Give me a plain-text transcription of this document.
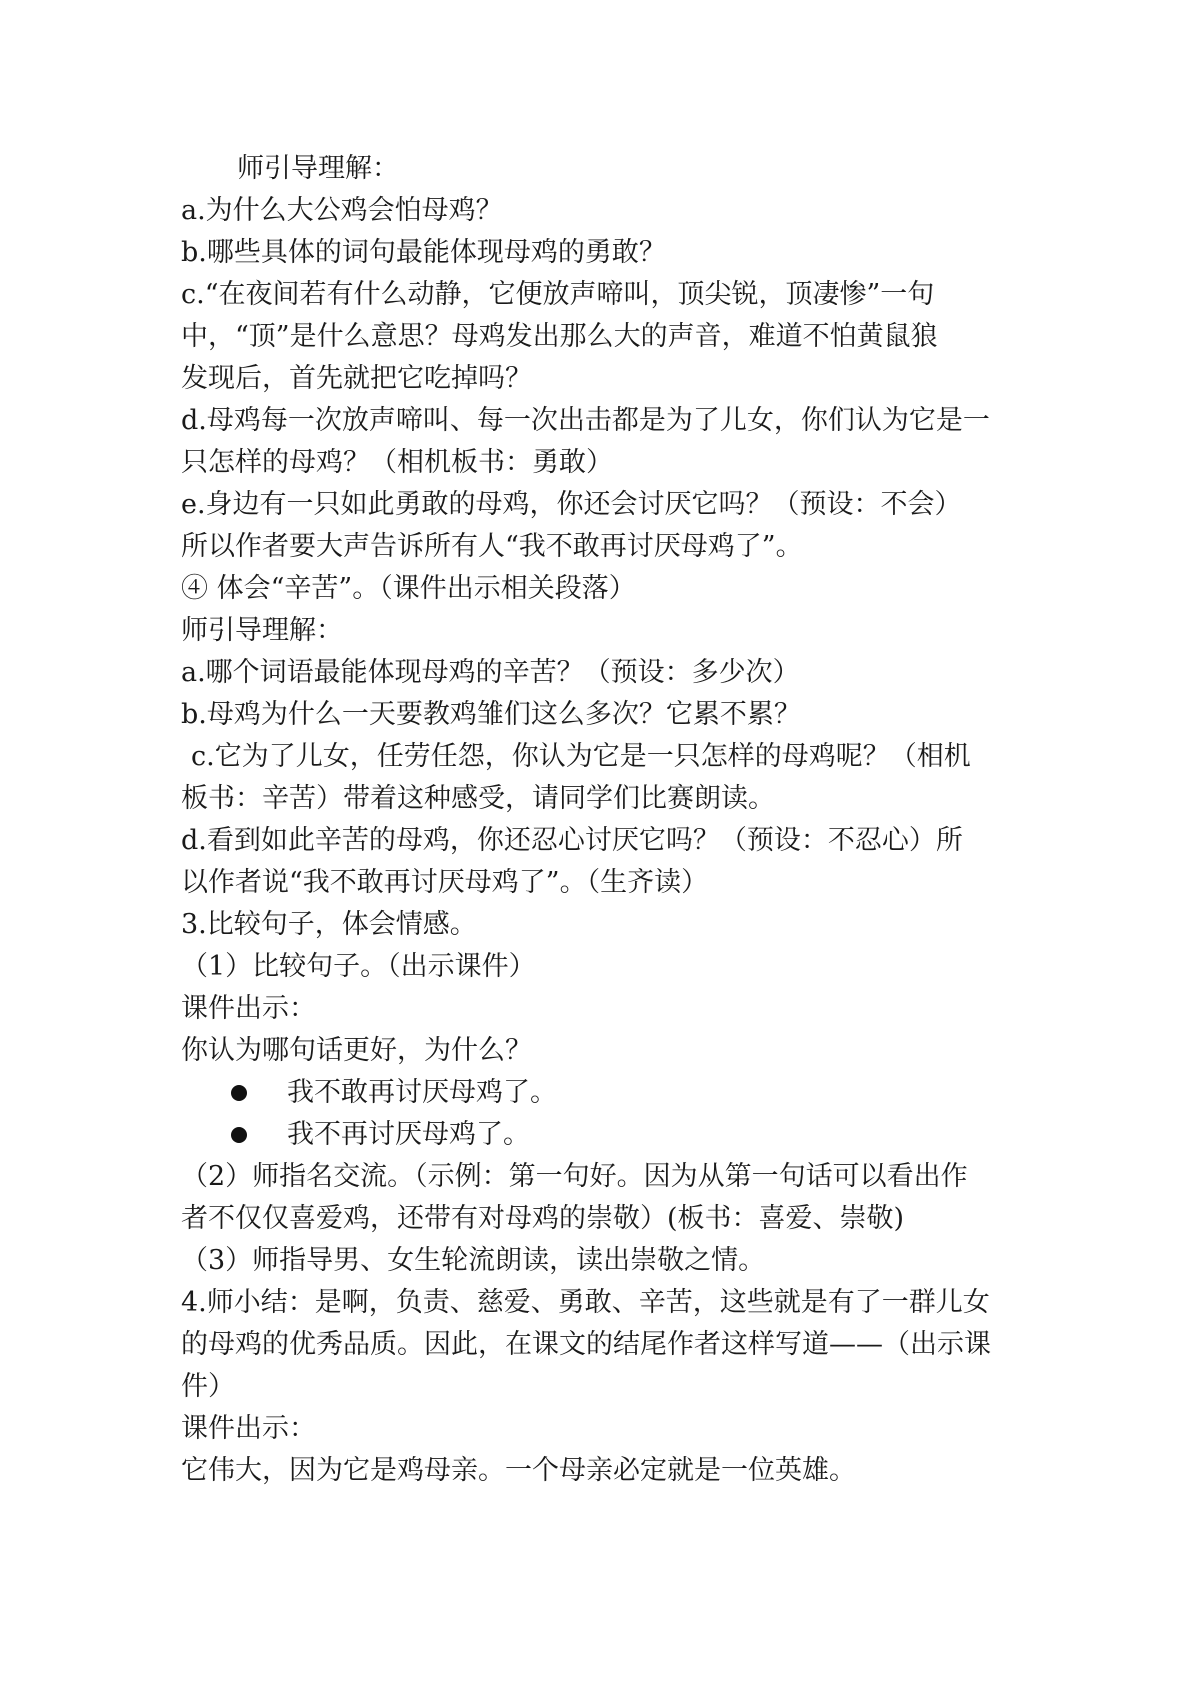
师引导理解：
a.为什么大公鸡会怕母鸡？
b.哪些具体的词句最能体现母鸡的勇敢？
c.“在夜间若有什么动静，它便放声啼叫，顶尖锐，顶凄惨”一句
中，“顶”是什么意思？母鸡发出那么大的声音，难道不怕黄鼠狼
发现后，首先就把它吃掉吗？
d.母鸡每一次放声啼叫、每一次出击都是为了儿女，你们认为它是一
只怎样的母鸡？（相机板书：勇敢）
e.身边有一只如此勇敢的母鸡，你还会讨厌它吗？（预设：不会）
所以作者要大声告诉所有人“我不敢再讨厌母鸡了”。
④ 体会“辛苦”。（课件出示相关段落）
师引导理解：
a.哪个词语最能体现母鸡的辛苦？（预设：多少次）
b.母鸡为什么一天要教鸡雏们这么多次？它累不累？
c.它为了儿女，任劳任怨，你认为它是一只怎样的母鸡呢？（相机
板书：辛苦）带着这种感受，请同学们比赛朗读。
d.看到如此辛苦的母鸡，你还忍心讨厌它吗？（预设：不忍心）所
以作者说“我不敢再讨厌母鸡了”。（生齐读）
3.比较句子，体会情感。
（1）比较句子。（出示课件）
课件出示：
你认为哪句话更好，为什么？
我不敢再讨厌母鸡了。
我不再讨厌母鸡了。
（2）师指名交流。（示例：第一句好。因为从第一句话可以看出作
者不仅仅喜爱鸡，还带有对母鸡的崇敬）(板书：喜爱、崇敬)
（3）师指导男、女生轮流朗读，读出崇敬之情。
4.师小结：是啊，负责、慈爱、勇敢、辛苦，这些就是有了一群儿女
的母鸡的优秀品质。因此，在课文的结尾作者这样写道——（出示课
件）
课件出示：
它伟大，因为它是鸡母亲。一个母亲必定就是一位英雄。
